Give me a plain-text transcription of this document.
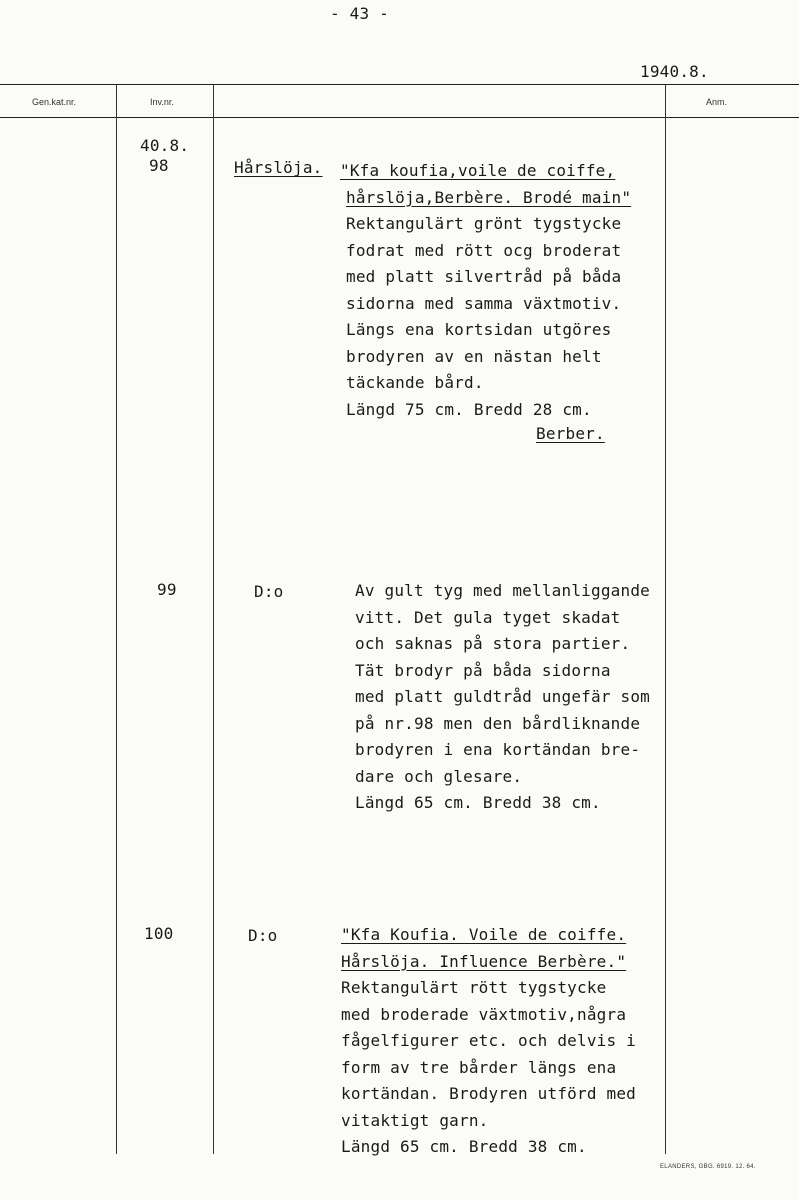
- 43 -
1940.8.
Gen.kat.nr.	Inv.nr.	Anm.
40.8.
98	Hårslöja. "Kfa koufia,voile de coiffe,
hårslöja,Berbère. Brodé main"
Rektangulärt grönt tygstycke
fodrat med rött ocg broderat
med platt silvertråd på båda
sidorna med samma växtmotiv.
Längs ena kortsidan utgöres
brodyren av en nästan helt
täckande bård.
Längd 75 cm. Bredd 28 cm.
Berber.
99	D:o	Av gult tyg med mellanliggande
vitt. Det gula tyget skadat
och saknas på stora partier.
Tät brodyr på båda sidorna
med platt guldtråd ungefär som
på nr.98 men den bårdliknande
brodyren i ena kortändan bre-
dare och glesare.
Längd 65 cm. Bredd 38 cm.
100	D:o	"Kfa Koufia. Voile de coiffe.
Hårslöja. Influence Berbère."
Rektangulärt rött tygstycke
med broderade växtmotiv,några
fågelfigurer etc. och delvis i
form av tre bårder längs ena
kortändan. Brodyren utförd med
vitaktigt garn.
Längd 65 cm. Bredd 38 cm.
ELANDERS, GBG. 6919. 12. 64.
